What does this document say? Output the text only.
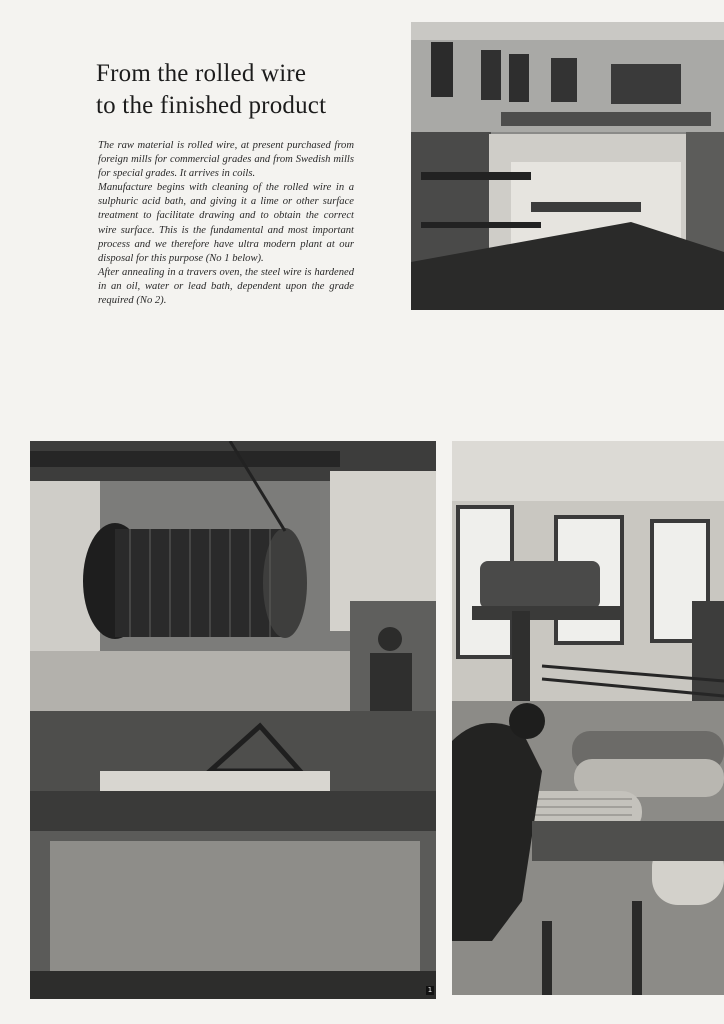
From the rolled wire
to the finished product

The raw material is rolled wire, at present purchased from foreign mills for commercial grades and from Swedish mills for special grades. It arrives in coils.

Manufacture begins with cleaning of the rolled wire in a sulphuric acid bath, and giving it a lime or other surface treatment to facilitate drawing and to obtain the correct wire surface. This is the fundamental and most important process and we therefore have ultra modern plant at our disposal for this purpose (No 1 below).

After annealing in a travers oven, the steel wire is hardened in an oil, water or lead bath, dependent upon the grade required (No 2).

1
